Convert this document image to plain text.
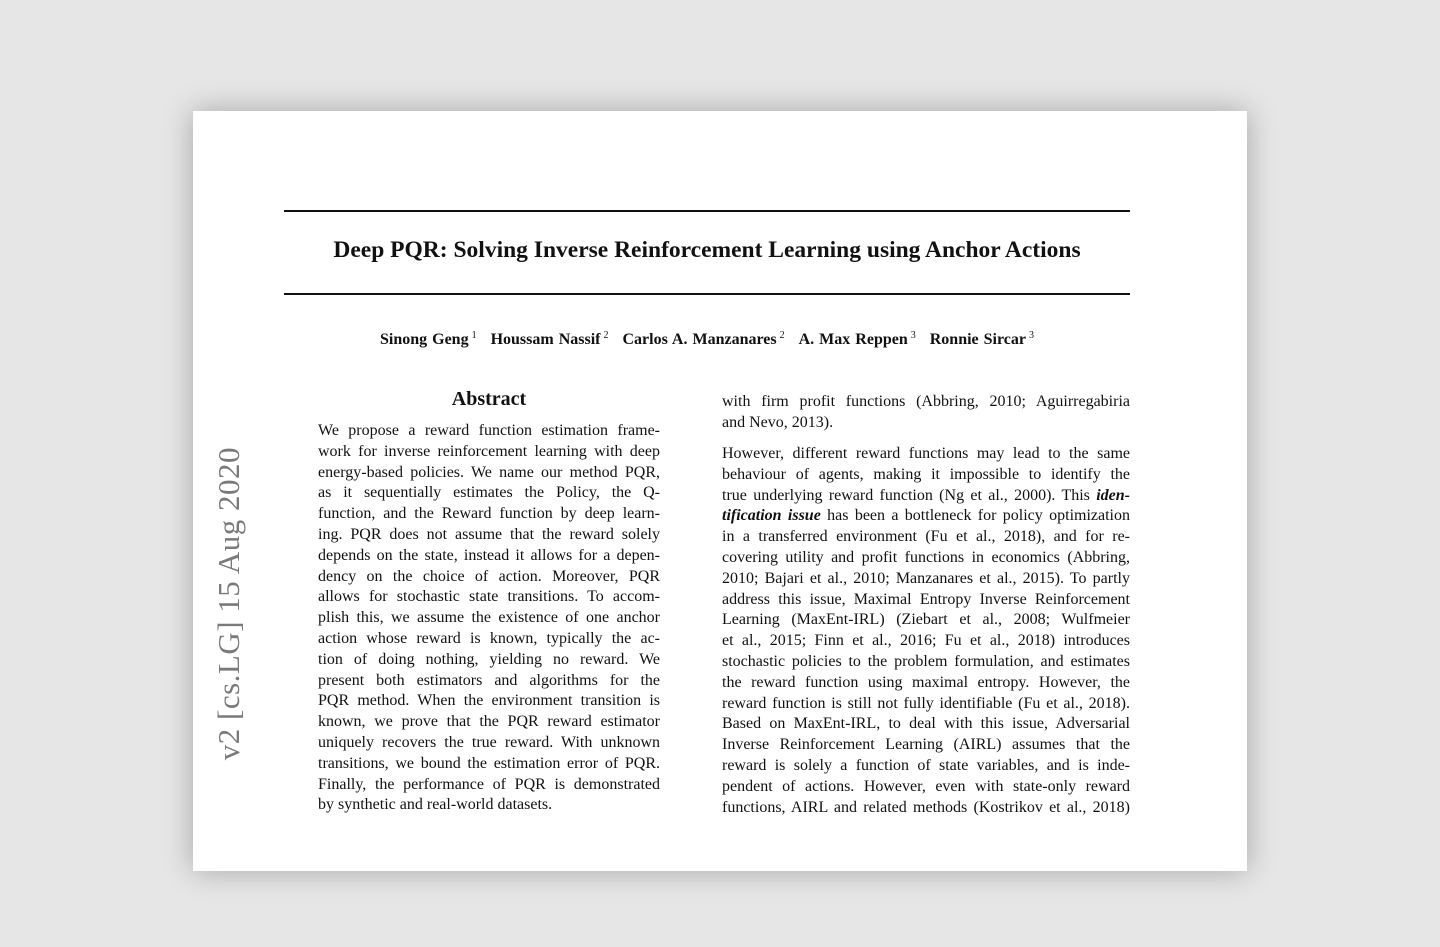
v2 [cs.LG] 15 Aug 2020
Deep PQR: Solving Inverse Reinforcement Learning using Anchor Actions
Sinong Geng $^1$ Houssam Nassif $^2$ Carlos A. Manzanares $^2$ A. Max Reppen $^3$ Ronnie Sircar $^3$
Abstract
We propose a reward function estimation frame-
work for inverse reinforcement learning with deep
energy-based policies. We name our method PQR,
as it sequentially estimates the Policy, the Q-
function, and the Reward function by deep learn-
ing. PQR does not assume that the reward solely
depends on the state, instead it allows for a depen-
dency on the choice of action. Moreover, PQR
allows for stochastic state transitions. To accom-
plish this, we assume the existence of one anchor
action whose reward is known, typically the ac-
tion of doing nothing, yielding no reward. We
present both estimators and algorithms for the
PQR method. When the environment transition is
known, we prove that the PQR reward estimator
uniquely recovers the true reward. With unknown
transitions, we bound the estimation error of PQR.
Finally, the performance of PQR is demonstrated
by synthetic and real-world datasets.
with firm profit functions (Abbring, 2010; Aguirregabiria
and Nevo, 2013).
However, different reward functions may lead to the same
behaviour of agents, making it impossible to identify the
true underlying reward function (Ng et al., 2000). This iden-
tification issue has been a bottleneck for policy optimization
in a transferred environment (Fu et al., 2018), and for re-
covering utility and profit functions in economics (Abbring,
2010; Bajari et al., 2010; Manzanares et al., 2015). To partly
address this issue, Maximal Entropy Inverse Reinforcement
Learning (MaxEnt-IRL) (Ziebart et al., 2008; Wulfmeier
et al., 2015; Finn et al., 2016; Fu et al., 2018) introduces
stochastic policies to the problem formulation, and estimates
the reward function using maximal entropy. However, the
reward function is still not fully identifiable (Fu et al., 2018).
Based on MaxEnt-IRL, to deal with this issue, Adversarial
Inverse Reinforcement Learning (AIRL) assumes that the
reward is solely a function of state variables, and is inde-
pendent of actions. However, even with state-only reward
functions, AIRL and related methods (Kostrikov et al., 2018)
